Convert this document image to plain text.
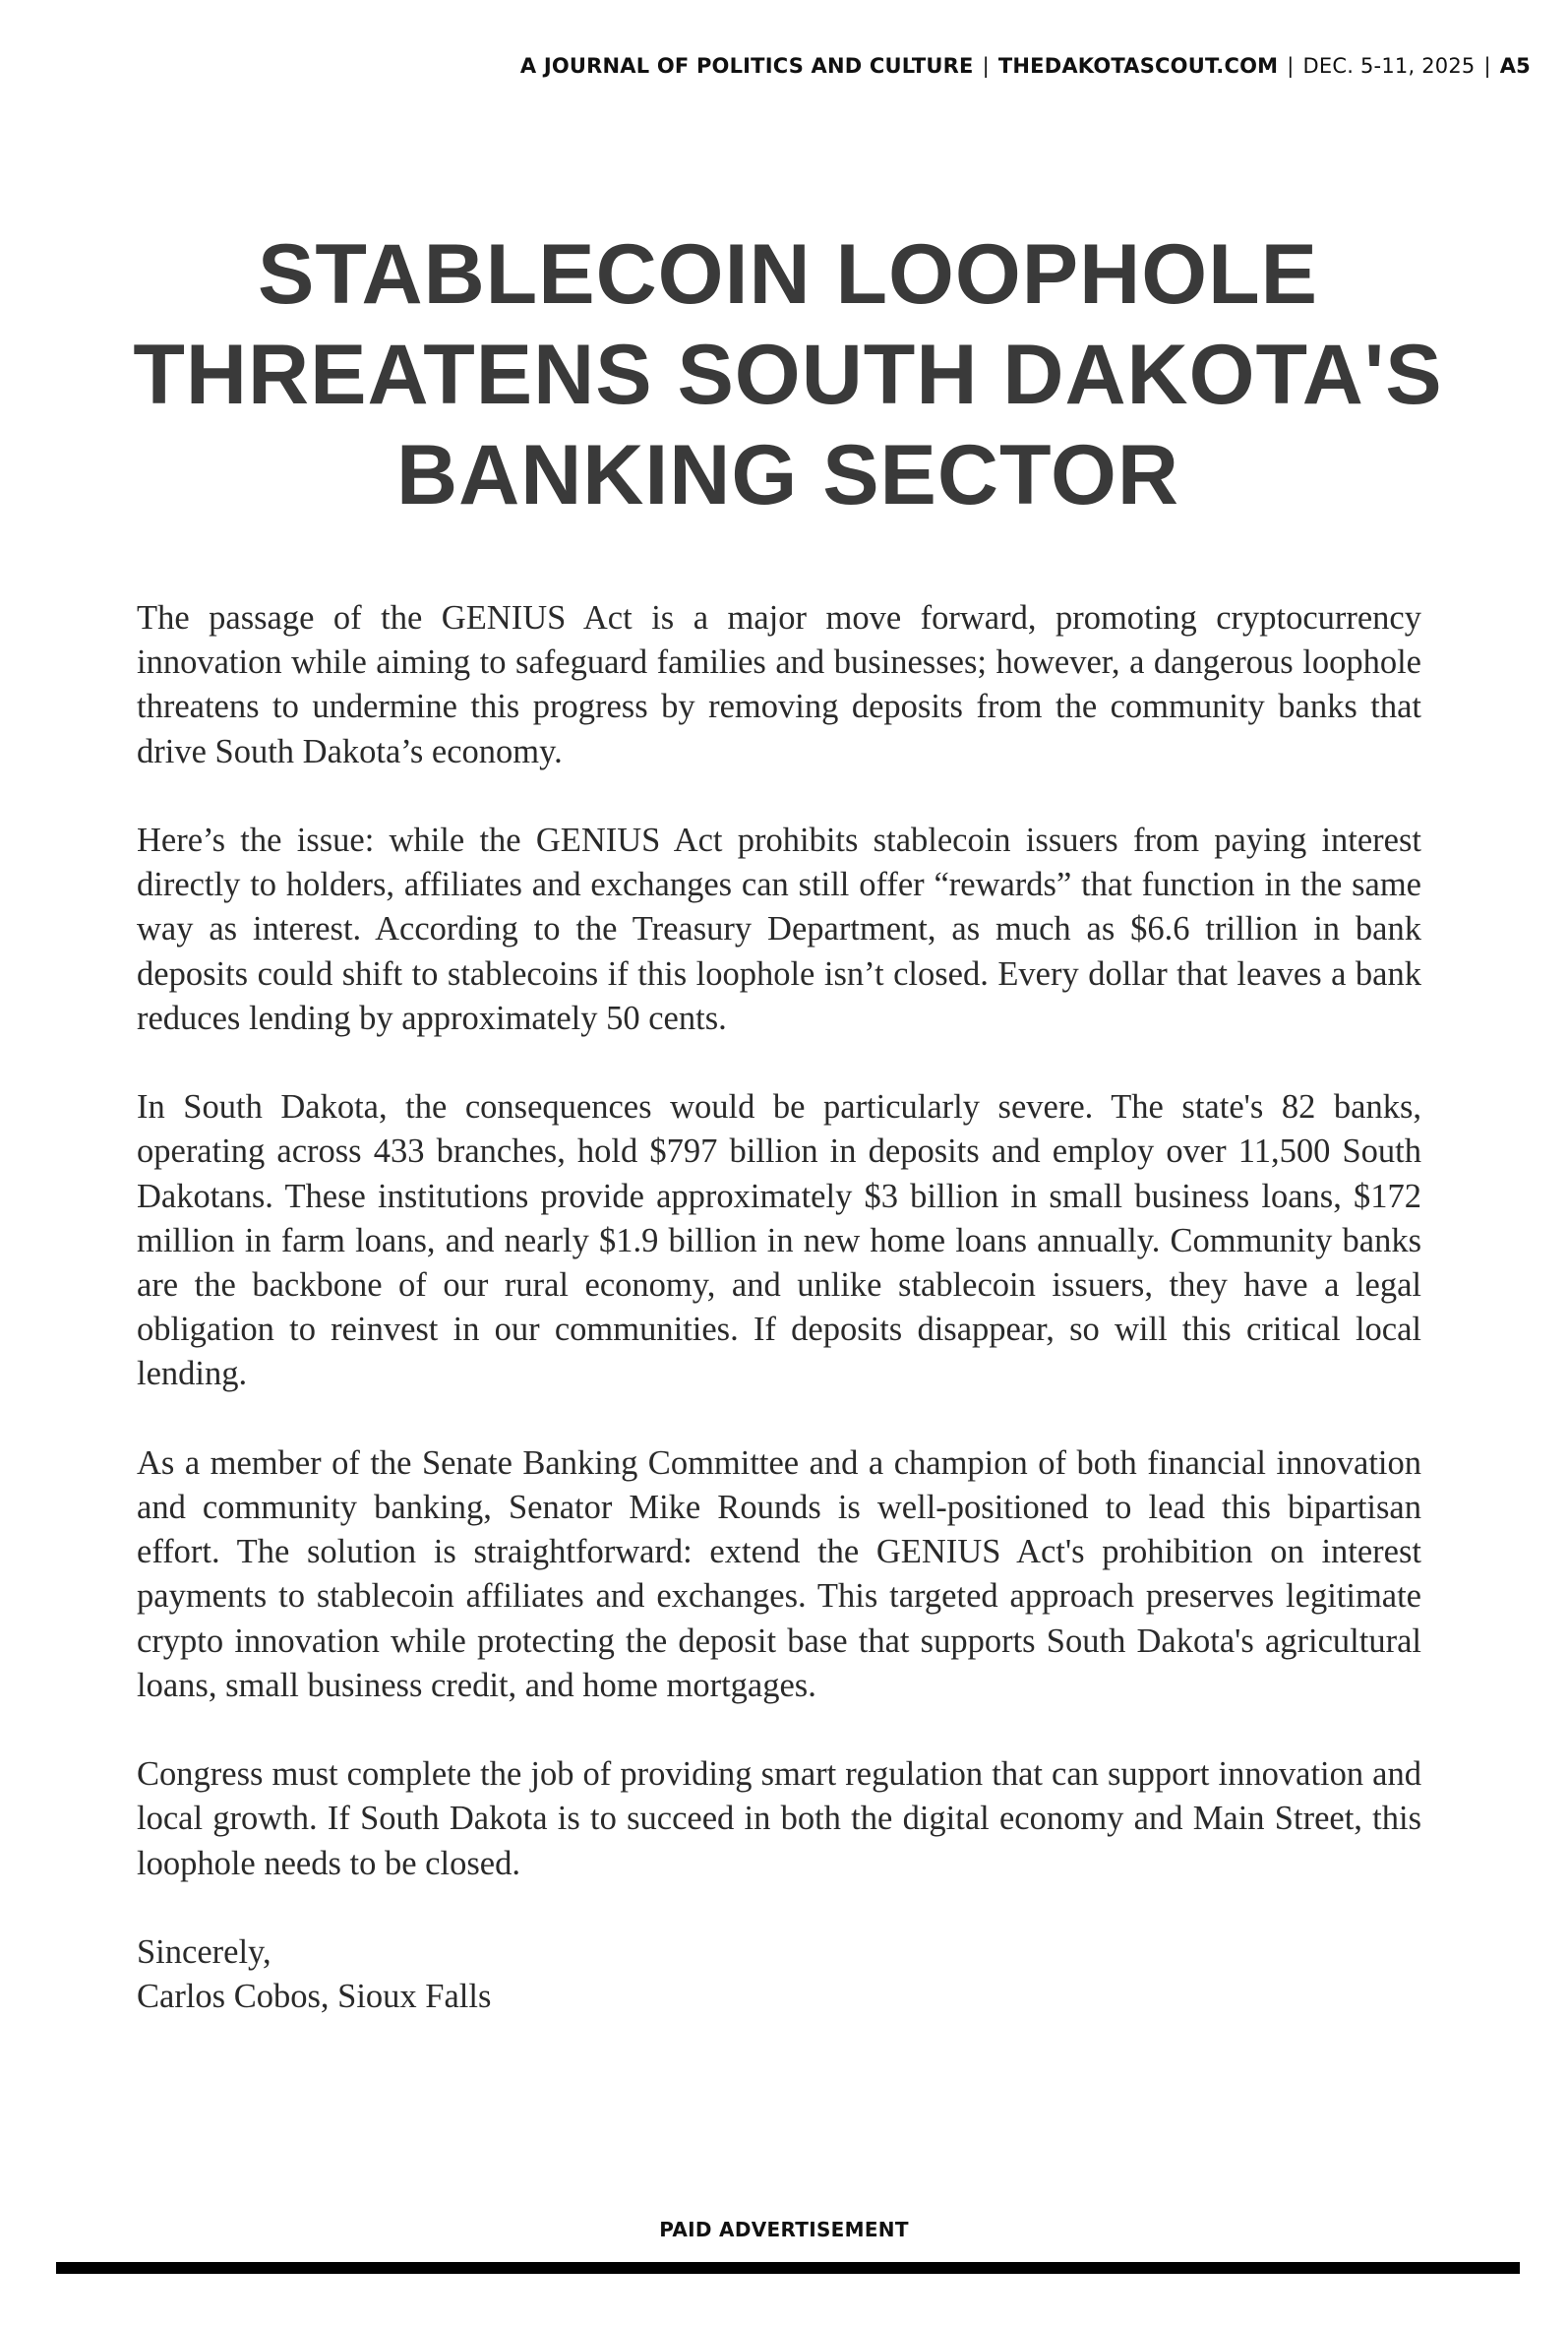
A JOURNAL OF POLITICS AND CULTURE | THEDAKOTASCOUT.COM | DEC. 5-11, 2025 | A5
STABLECOIN LOOPHOLE
THREATENS SOUTH DAKOTA'S
BANKING SECTOR

The passage of the GENIUS Act is a major move forward, promoting cryptocurrency innovation while aiming to safeguard families and businesses; however, a dangerous loophole threatens to undermine this progress by removing deposits from the community banks that drive South Dakota’s economy.

Here’s the issue: while the GENIUS Act prohibits stablecoin issuers from paying interest directly to holders, affiliates and exchanges can still offer “rewards” that function in the same way as interest. According to the Treasury Department, as much as $6.6 trillion in bank deposits could shift to stablecoins if this loophole isn’t closed. Every dollar that leaves a bank reduces lending by approximately 50 cents.

In South Dakota, the consequences would be particularly severe. The state's 82 banks, operating across 433 branches, hold $797 billion in deposits and employ over 11,500 South Dakotans. These institutions provide approximately $3 billion in small business loans, $172 million in farm loans, and nearly $1.9 billion in new home loans annually. Community banks are the backbone of our rural economy, and unlike stablecoin issuers, they have a legal obligation to reinvest in our communities. If deposits disappear, so will this critical local lending.

As a member of the Senate Banking Committee and a champion of both financial innovation and community banking, Senator Mike Rounds is well-positioned to lead this bipartisan effort. The solution is straightforward: extend the GENIUS Act's prohibition on interest payments to stablecoin affiliates and exchanges. This targeted approach preserves legitimate crypto innovation while protecting the deposit base that supports South Dakota's agricultural loans, small business credit, and home mortgages.

Congress must complete the job of providing smart regulation that can support innovation and local growth. If South Dakota is to succeed in both the digital economy and Main Street, this loophole needs to be closed.

Sincerely,
Carlos Cobos, Sioux Falls
PAID ADVERTISEMENT
